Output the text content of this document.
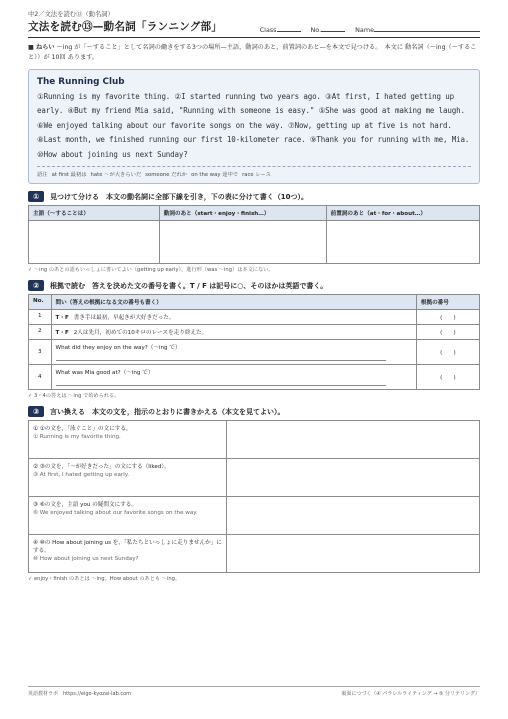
中2／文法を読む⑬（動名詞）
文法を読む⑬—動名詞「ランニング部」	Class	No.	Name
■ ねらい ～ing が「～すること」として名詞の働きをする3つの場所—主語，動詞のあと，前置詞のあと—を本文で見つける。　本文に 動名詞（～ing（～すること））が 10回 あります。
The Running Club
①Running is my favorite thing. ②I started running two years ago. ③At first, I hated getting up early. ④But my friend Mia said, "Running with someone is easy." ⑤She was good at making me laugh. ⑥We enjoyed talking about our favorite songs on the way. ⑦Now, getting up at five is not hard. ⑧Last month, we finished running our first 10-kilometer race. ⑨Thank you for running with me, Mia. ⑩How about joining us next Sunday?
語注 at first 最初は hate ～が大きらいだ someone だれか on the way 途中で race レース
①	見つけて分ける　本文の動名詞に全部下線を引き，下の表に分けて書く（10つ）。
主語（～することは）	動詞のあと（start・enjoy・finish…）	前置詞のあと（at・for・about…）

✓ ～ing のあとの語もいっしょに書いてよい（getting up early）。進行形（was ～ing）は本文にない。
②	根拠で読む　答えを決めた文の番号を書く。T / F は記号に○、そのほかは英語で書く。
No.	問い（答えの根拠になる文の番号も書く）	根拠の番号
1	T・F 書き手は最初，早起きが大好きだった。	(　　)
2	T・F 2人は先月，初めての10キロのレースを走り終えた。	(　　)
3	What did they enjoy on the way?（～ing で）	(　　)
4	What was Mia good at?（～ing で）	(　　)
✓ 3・4の答えは ～ing で始められる。
③	言い換える　本文の文を，指示のとおりに書きかえる（本文を見てよい）。
① ①の文を，「泳ぐこと」の文にする。
① Running is my favorite thing.	

② ③の文を，「～が好きだった」の文にする（liked）。
③ At first, I hated getting up early.	

③ ⑥の文を，主語 you の疑問文にする。
⑥ We enjoyed talking about our favorite songs on the way.	

④ ⑩の How about joining us を，「私たちといっしょに走りませんか」にする。
⑩ How about joining us next Sunday?	

✓ enjoy・finish のあとは ～ing。How about のあとも ～ing。
英語教材ラボ　https://eigo-kyozai-lab.com	裏面につづく（④ パラレルライティング → ⑤ 分リテリング）
